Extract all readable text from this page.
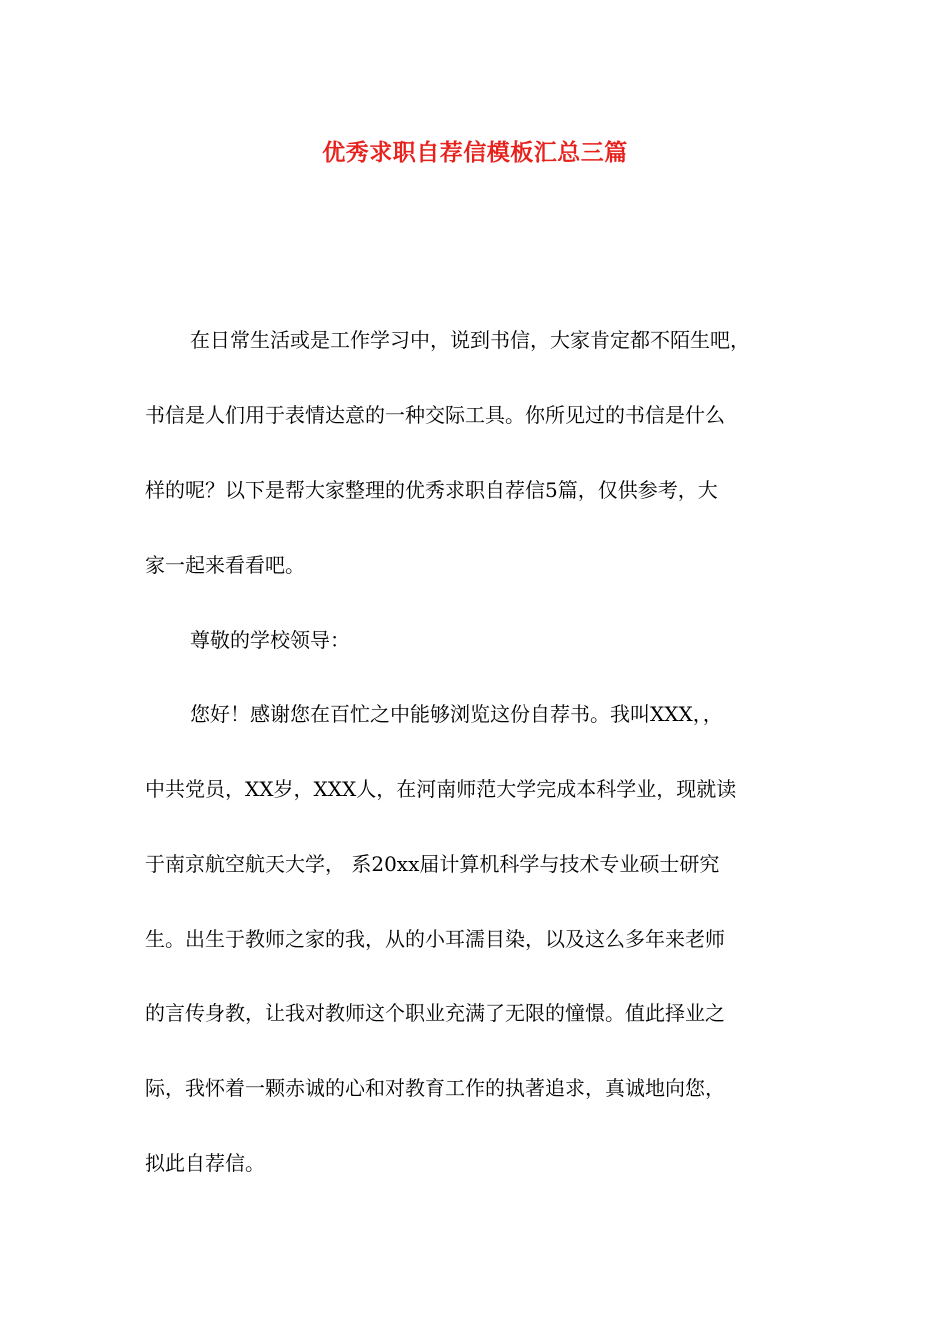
优秀求职自荐信模板汇总三篇
在日常生活或是工作学习中，说到书信，大家肯定都不陌生吧，
书信是人们用于表情达意的一种交际工具。你所见过的书信是什么
样的呢？以下是帮大家整理的优秀求职自荐信5篇，仅供参考，大
家一起来看看吧。
尊敬的学校领导：
您好！感谢您在百忙之中能够浏览这份自荐书。我叫XXX，，
中共党员，XX岁，XXX人，在河南师范大学完成本科学业，现就读
于南京航空航天大学， 系20xx届计算机科学与技术专业硕士研究
生。出生于教师之家的我，从的小耳濡目染，以及这么多年来老师
的言传身教，让我对教师这个职业充满了无限的憧憬。值此择业之
际，我怀着一颗赤诚的心和对教育工作的执著追求，真诚地向您，
拟此自荐信。
